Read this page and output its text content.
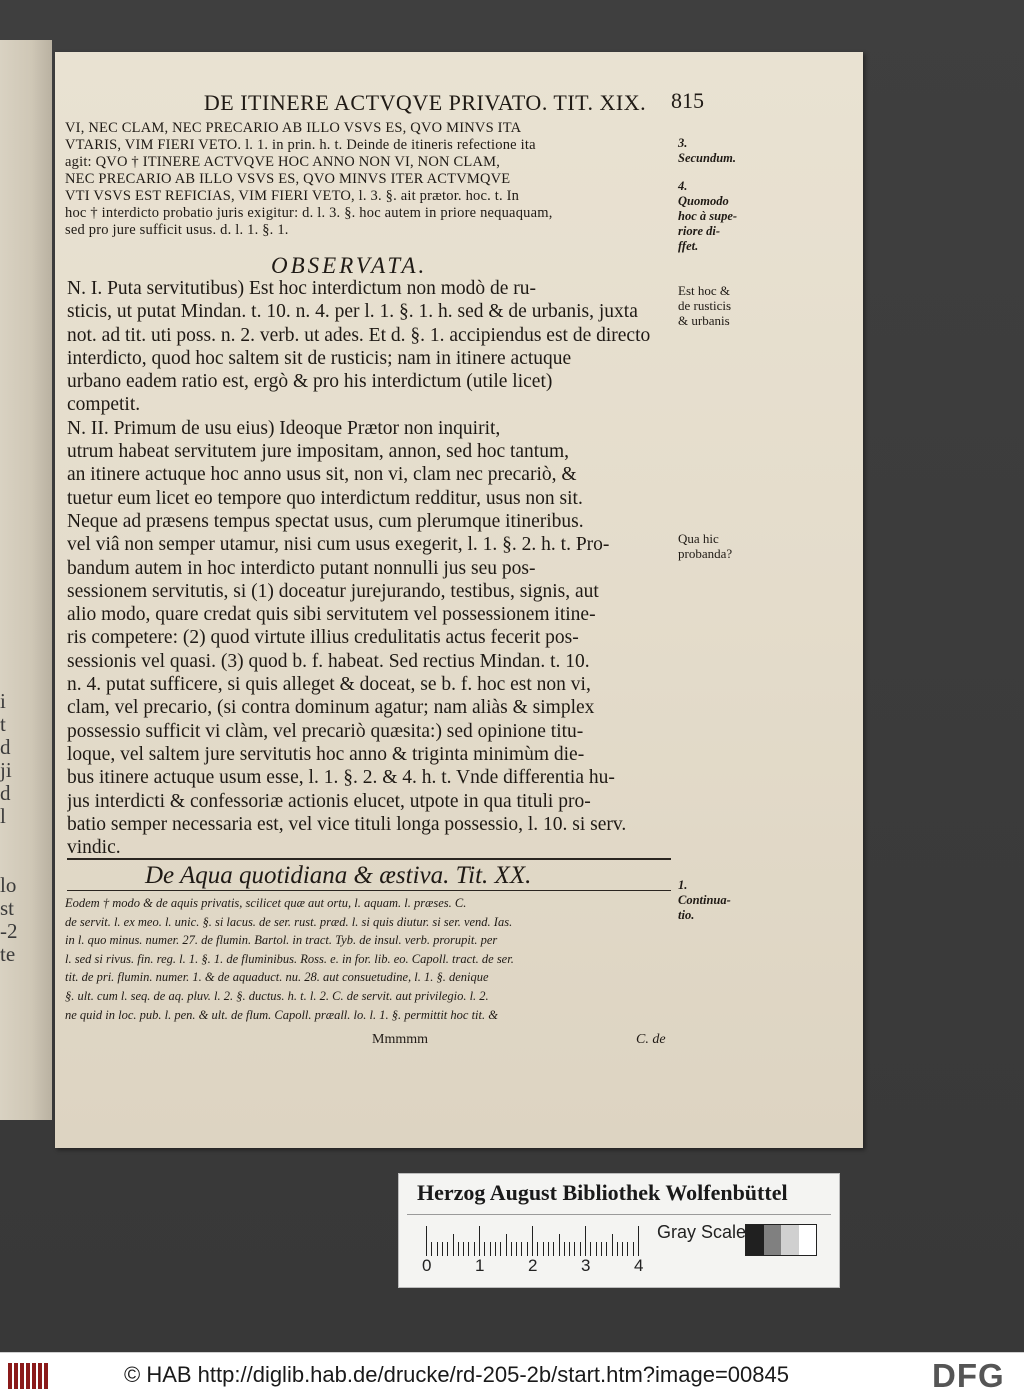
i
t
d
ji
d
l

lo
st
-2
te
DE ITINERE ACTVQVE PRIVATO. TIT. XIX.	815
VI, NEC CLAM, NEC PRECARIO AB ILLO VSVS ES, QVO MINVS ITA
VTARIS, VIM FIERI VETO. l. 1. in prin. h. t. Deinde de itineris refectione ita
agit: QVO † ITINERE ACTVQVE HOC ANNO NON VI, NON CLAM,
NEC PRECARIO AB ILLO VSVS ES, QVO MINVS ITER ACTVMQVE
VTI VSVS EST REFICIAS, VIM FIERI VETO, l. 3. §. ait prætor. hoc. t. In
hoc † interdicto probatio juris exigitur: d. l. 3. §. hoc autem in priore nequaquam,
sed pro jure sufficit usus. d. l. 1. §. 1.
OBSERVATA.
N. I. Puta servitutibus) Est hoc interdictum non modò de ru-
sticis, ut putat Mindan. t. 10. n. 4. per l. 1. §. 1. h. sed & de urbanis, juxta
not. ad tit. uti poss. n. 2. verb. ut ades. Et d. §. 1. accipiendus est de directo
interdicto, quod hoc saltem sit de rusticis; nam in itinere actuque
urbano eadem ratio est, ergò & pro his interdictum (utile licet)
competit.
N. II. Primum de usu eius) Ideoque Prætor non inquirit,
utrum habeat servitutem jure impositam, annon, sed hoc tantum,
an itinere actuque hoc anno usus sit, non vi, clam nec precariò, &
tuetur eum licet eo tempore quo interdictum redditur, usus non sit.
Neque ad præsens tempus spectat usus, cum plerumque itineribus.
vel viâ non semper utamur, nisi cum usus exegerit, l. 1. §. 2. h. t. Pro-
bandum autem in hoc interdicto putant nonnulli jus seu pos-
sessionem servitutis, si (1) doceatur jurejurando, testibus, signis, aut
alio modo, quare credat quis sibi servitutem vel possessionem itine-
ris competere: (2) quod virtute illius credulitatis actus fecerit pos-
sessionis vel quasi. (3) quod b. f. habeat. Sed rectius Mindan. t. 10.
n. 4. putat sufficere, si quis alleget & doceat, se b. f. hoc est non vi,
clam, vel precario, (si contra dominum agatur; nam aliàs & simplex
possessio sufficit vi clàm, vel precariò quæsita:) sed opinione titu-
loque, vel saltem jure servitutis hoc anno & triginta minimùm die-
bus itinere actuque usum esse, l. 1. §. 2. & 4. h. t. Vnde differentia hu-
jus interdicti & confessoriæ actionis elucet, utpote in qua tituli pro-
batio semper necessaria est, vel vice tituli longa possessio, l. 10. si serv.
vindic.
De Aqua quotidiana & æstiva. Tit. XX.
Eodem † modo & de aquis privatis, scilicet quæ aut ortu, l. aquam. l. præses. C.
de servit. l. ex meo. l. unic. §. si lacus. de ser. rust. præd. l. si quis diutur. si ser. vend. Ias.
in l. quo minus. numer. 27. de flumin. Bartol. in tract. Tyb. de insul. verb. prorupit. per
l. sed si rivus. fin. reg. l. 1. §. 1. de fluminibus. Ross. e. in for. lib. eo. Capoll. tract. de ser.
tit. de pri. flumin. numer. 1. & de aquaduct. nu. 28. aut consuetudine, l. 1. §. denique
§. ult. cum l. seq. de aq. pluv. l. 2. §. ductus. h. t. l. 2. C. de servit. aut privilegio. l. 2.
ne quid in loc. pub. l. pen. & ult. de flum. Capoll. præall. lo. l. 1. §. permittit hoc tit. &
Mmmmm	C. de
3.
Secundum.
4.
Quomodo
hoc à supe-
riore di-
ffet.
Est hoc &
de rusticis
& urbanis
Qua hic
probanda?
1.
Continua-
tio.
Herzog August Bibliothek Wolfenbüttel
0	1	2	3	4
Gray Scale
© HAB http://diglib.hab.de/drucke/rd-205-2b/start.htm?image=00845	DFG
